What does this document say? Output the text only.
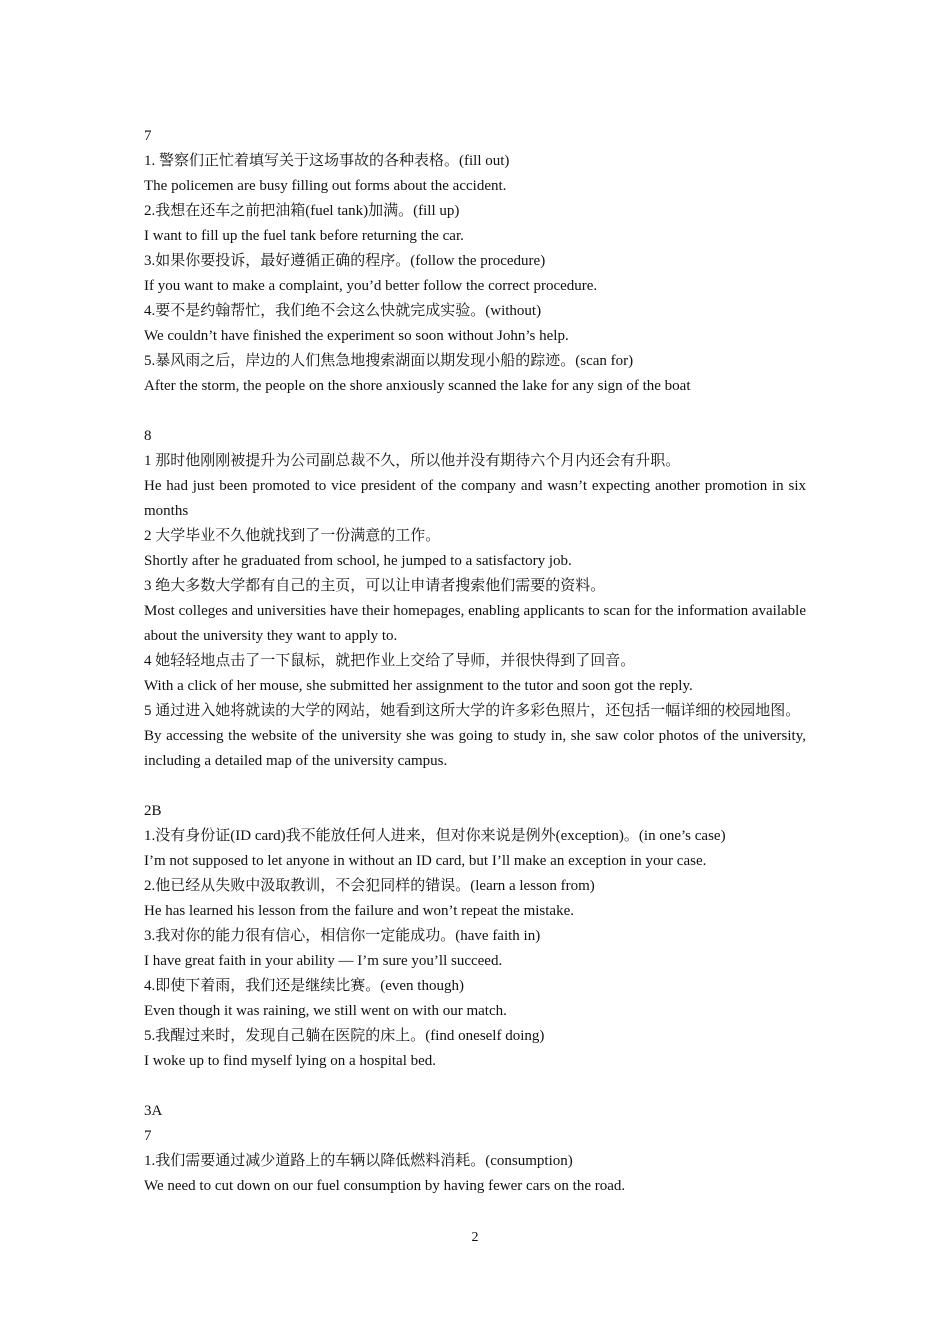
7
1. 警察们正忙着填写关于这场事故的各种表格。(fill out)
The policemen are busy filling out forms about the accident.
2.我想在还车之前把油箱(fuel tank)加满。(fill up)
I want to fill up the fuel tank before returning the car.
3.如果你要投诉，最好遵循正确的程序。(follow the procedure)
If you want to make a complaint, you’d better follow the correct procedure.
4.要不是约翰帮忙，我们绝不会这么快就完成实验。(without)
We couldn’t have finished the experiment so soon without John’s help.
5.暴风雨之后，岸边的人们焦急地搜索湖面以期发现小船的踪迹。(scan for)
After the storm, the people on the shore anxiously scanned the lake for any sign of the boat
8
1 那时他刚刚被提升为公司副总裁不久，所以他并没有期待六个月内还会有升职。
He had just been promoted to vice president of the company and wasn’t expecting another promotion in six months
2 大学毕业不久他就找到了一份满意的工作。
Shortly after he graduated from school, he jumped to a satisfactory job.
3 绝大多数大学都有自己的主页，可以让申请者搜索他们需要的资料。
Most colleges and universities have their homepages, enabling applicants to scan for the information available about the university they want to apply to.
4 她轻轻地点击了一下鼠标，就把作业上交给了导师，并很快得到了回音。
With a click of her mouse, she submitted her assignment to the tutor and soon got the reply.
5 通过进入她将就读的大学的网站，她看到这所大学的许多彩色照片，还包括一幅详细的校园地图。
By accessing the website of the university she was going to study in, she saw color photos of the university, including a detailed map of the university campus.
2B
1.没有身份证(ID card)我不能放任何人进来，但对你来说是例外(exception)。(in one’s case)
I’m not supposed to let anyone in without an ID card, but I’ll make an exception in your case.
2.他已经从失败中汲取教训，不会犯同样的错误。(learn a lesson from)
He has learned his lesson from the failure and won’t repeat the mistake.
3.我对你的能力很有信心，相信你一定能成功。(have faith in)
I have great faith in your ability — I’m sure you’ll succeed.
4.即使下着雨，我们还是继续比赛。(even though)
Even though it was raining, we still went on with our match.
5.我醒过来时，发现自己躺在医院的床上。(find oneself doing)
I woke up to find myself lying on a hospital bed.
3A
7
1.我们需要通过减少道路上的车辆以降低燃料消耗。(consumption)
We need to cut down on our fuel consumption by having fewer cars on the road.
2
